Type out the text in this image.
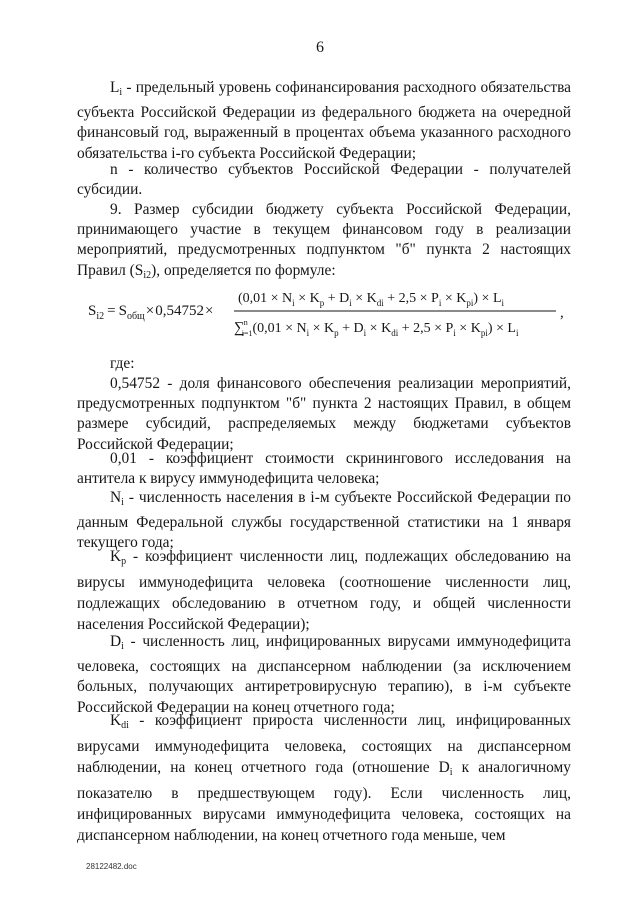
6
$L_i$ - предельный уровень софинансирования расходного обязательства субъекта Российской Федерации из федерального бюджета на очередной финансовый год, выраженный в процентах объема указанного расходного обязательства i-го субъекта Российской Федерации;
n - количество субъектов Российской Федерации - получателей субсидии.
9. Размер субсидии бюджету субъекта Российской Федерации, принимающего участие в текущем финансовом году в реализации мероприятий, предусмотренных подпунктом "б" пункта 2 настоящих Правил $(S_{i2})$, определяется по формуле:
$S_{i2} = S_{общ}\times 0,54752\times$
$(0,01 \times N_i \times K_p + D_i \times K_{di} + 2,5 \times P_i \times K_{pi}) \times L_i$
∑n $i=1(0,01 \times N_i \times K_p + D_i \times K_{di} + 2,5 \times P_i \times K_{pi}) \times L_i$
,
где:
0,54752 - доля финансового обеспечения реализации мероприятий, предусмотренных подпунктом "б" пункта 2 настоящих Правил, в общем размере субсидий, распределяемых между бюджетами субъектов Российской Федерации;
0,01 - коэффициент стоимости скринингового исследования на антитела к вирусу иммунодефицита человека;
$N_i$ - численность населения в i-м субъекте Российской Федерации по данным Федеральной службы государственной статистики на 1 января текущего года;
$K_p$ - коэффициент численности лиц, подлежащих обследованию на вирусы иммунодефицита человека (соотношение численности лиц, подлежащих обследованию в отчетном году, и общей численности населения Российской Федерации);
$D_i$ - численность лиц, инфицированных вирусами иммунодефицита человека, состоящих на диспансерном наблюдении (за исключением больных, получающих антиретровирусную терапию), в i-м субъекте Российской Федерации на конец отчетного года;
$K_{di}$ - коэффициент прироста численности лиц, инфицированных вирусами иммунодефицита человека, состоящих на диспансерном наблюдении, на конец отчетного года (отношение $D_i$ к аналогичному показателю в предшествующем году). Если численность лиц, инфицированных вирусами иммунодефицита человека, состоящих на диспансерном наблюдении, на конец отчетного года меньше, чем
28122482.doc
